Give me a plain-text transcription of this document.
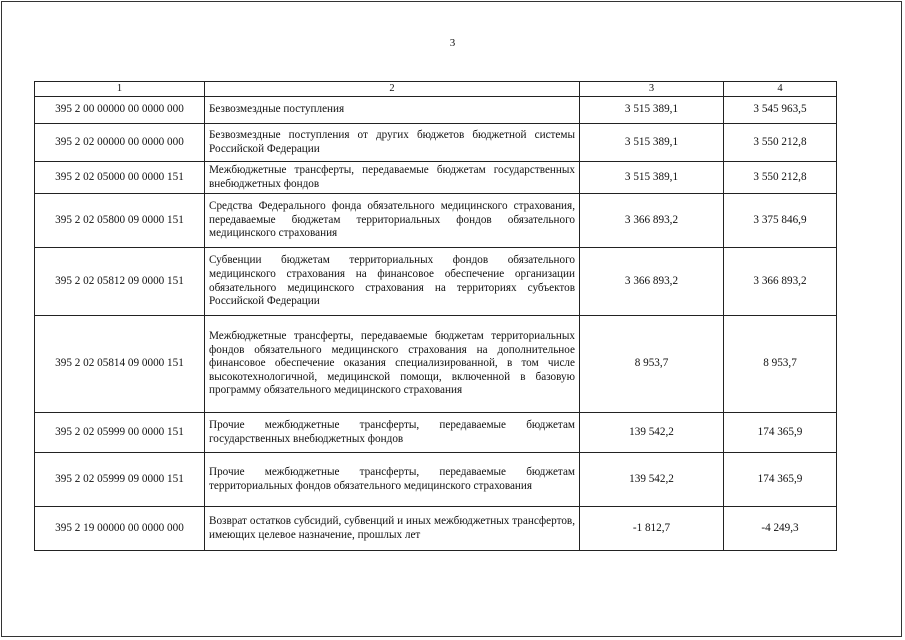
3
1	2	3	4
395 2 00 00000 00 0000 000	Безвозмездные поступления	3 515 389,1	3 545 963,5
395 2 02 00000 00 0000 000	Безвозмездные поступления от других бюджетов бюджетной системы Российской Федерации	3 515 389,1	3 550 212,8
395 2 02 05000 00 0000 151	Межбюджетные трансферты, передаваемые бюджетам государственных внебюджетных фондов	3 515 389,1	3 550 212,8
395 2 02 05800 09 0000 151	Средства Федерального фонда обязательного медицинского страхования, передаваемые бюджетам территориальных фондов обязательного медицинского страхования	3 366 893,2	3 375 846,9
395 2 02 05812 09 0000 151	Субвенции бюджетам территориальных фондов обязательного медицинского страхования на финансовое обеспечение организации обязательного медицинского страхования на территориях субъектов Российской Федерации	3 366 893,2	3 366 893,2
395 2 02 05814 09 0000 151	Межбюджетные трансферты, передаваемые бюджетам территориальных фондов обязательного медицинского страхования на дополнительное финансовое обеспечение оказания специализированной, в том числе высокотехнологичной, медицинской помощи, включенной в базовую программу обязательного медицинского страхования	8 953,7	8 953,7
395 2 02 05999 00 0000 151	Прочие межбюджетные трансферты, передаваемые бюджетам государственных внебюджетных фондов	139 542,2	174 365,9
395 2 02 05999 09 0000 151	Прочие межбюджетные трансферты, передаваемые бюджетам территориальных фондов обязательного медицинского страхования	139 542,2	174 365,9
395 2 19 00000 00 0000 000	Возврат остатков субсидий, субвенций и иных межбюджетных трансфертов, имеющих целевое назначение, прошлых лет	-1 812,7	-4 249,3
